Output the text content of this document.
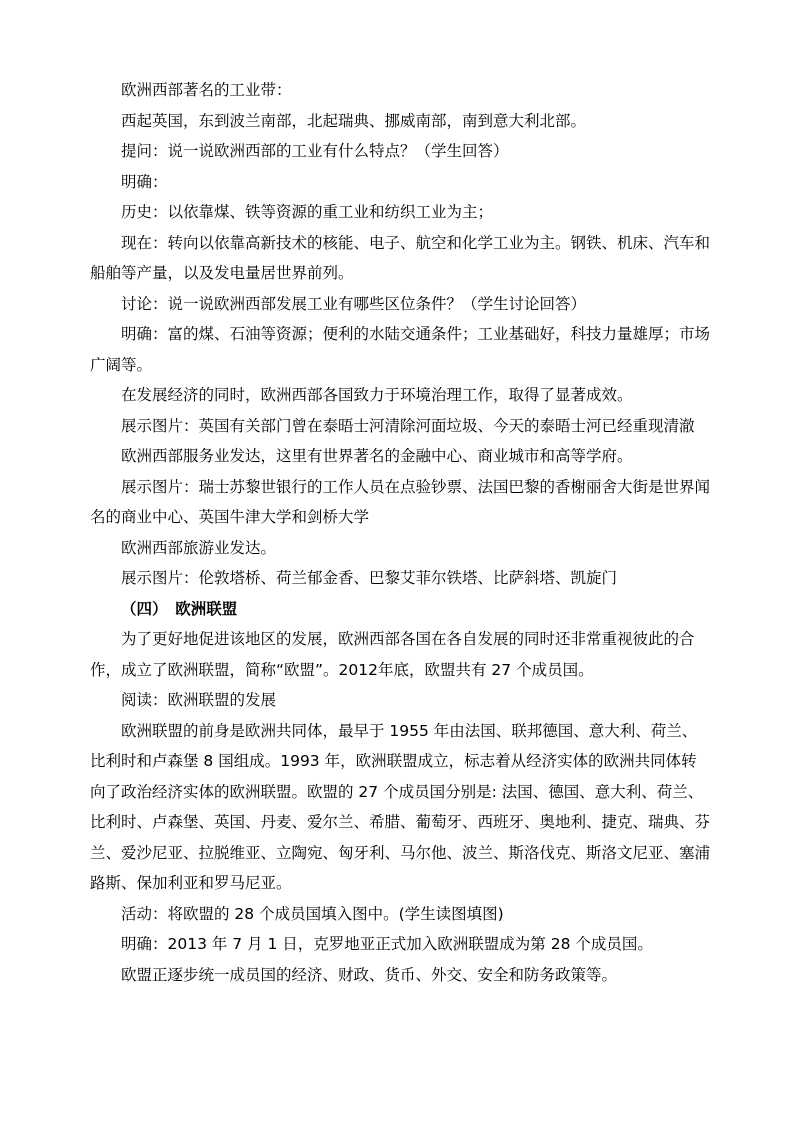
欧洲西部著名的工业带：

西起英国，东到波兰南部，北起瑞典、挪威南部，南到意大利北部。

提问：说一说欧洲西部的工业有什么特点？（学生回答）

明确：

历史：以依靠煤、铁等资源的重工业和纺织工业为主；

现在：转向以依靠高新技术的核能、电子、航空和化学工业为主。钢铁、机床、汽车和船舶等产量，以及发电量居世界前列。

讨论：说一说欧洲西部发展工业有哪些区位条件？（学生讨论回答）

明确：富的煤、石油等资源；便利的水陆交通条件；工业基础好，科技力量雄厚；市场广阔等。

在发展经济的同时，欧洲西部各国致力于环境治理工作，取得了显著成效。

展示图片：英国有关部门曾在泰晤士河清除河面垃圾、今天的泰晤士河已经重现清澈

欧洲西部服务业发达，这里有世界著名的金融中心、商业城市和高等学府。

展示图片：瑞士苏黎世银行的工作人员在点验钞票、法国巴黎的香榭丽舍大街是世界闻名的商业中心、英国牛津大学和剑桥大学

欧洲西部旅游业发达。

展示图片：伦敦塔桥、荷兰郁金香、巴黎艾菲尔铁塔、比萨斜塔、凯旋门

（四）　欧洲联盟

为了更好地促进该地区的发展，欧洲西部各国在各自发展的同时还非常重视彼此的合作，成立了欧洲联盟，简称“欧盟”。2012年底，欧盟共有 27 个成员国。

阅读：欧洲联盟的发展

欧洲联盟的前身是欧洲共同体，最早于 1955 年由法国、联邦德国、意大利、荷兰、比利时和卢森堡 8 国组成。1993 年，欧洲联盟成立，标志着从经济实体的欧洲共同体转向了政治经济实体的欧洲联盟。欧盟的 27 个成员国分别是: 法国、德国、意大利、荷兰、比利时、卢森堡、英国、丹麦、爱尔兰、希腊、葡萄牙、西班牙、奥地利、捷克、瑞典、芬兰、爱沙尼亚、拉脱维亚、立陶宛、匈牙利、马尔他、波兰、斯洛伐克、斯洛文尼亚、塞浦路斯、保加利亚和罗马尼亚。

活动：将欧盟的 28 个成员国填入图中。(学生读图填图)

明确：2013 年 7 月 1 日，克罗地亚正式加入欧洲联盟成为第 28 个成员国。

欧盟正逐步统一成员国的经济、财政、货币、外交、安全和防务政策等。
